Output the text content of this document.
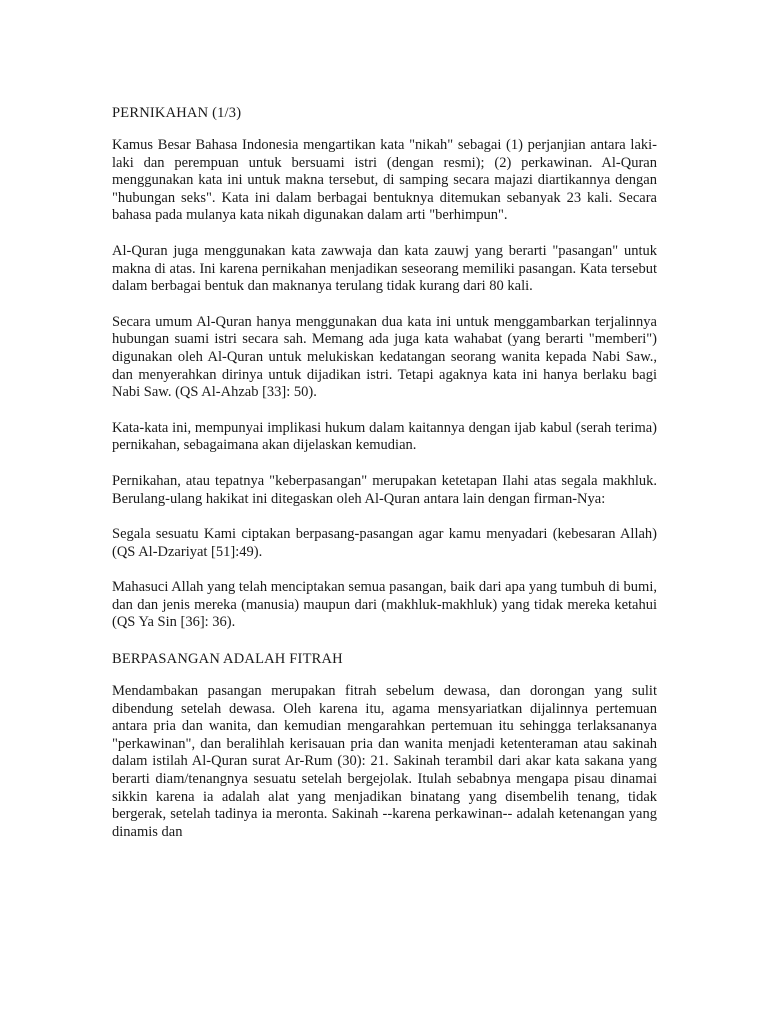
PERNIKAHAN (1/3)

Kamus Besar Bahasa Indonesia mengartikan kata "nikah" sebagai (1) perjanjian antara laki-laki dan perempuan untuk bersuami istri (dengan resmi); (2) perkawinan. Al-Quran menggunakan kata ini untuk makna tersebut, di samping secara majazi diartikannya dengan "hubungan seks". Kata ini dalam berbagai bentuknya ditemukan sebanyak 23 kali. Secara bahasa pada mulanya kata nikah digunakan dalam arti "berhimpun".

Al-Quran juga menggunakan kata zawwaja dan kata zauwj yang berarti "pasangan" untuk makna di atas. Ini karena pernikahan menjadikan seseorang memiliki pasangan. Kata tersebut dalam berbagai bentuk dan maknanya terulang tidak kurang dari 80 kali.

Secara umum Al-Quran hanya menggunakan dua kata ini untuk menggambarkan terjalinnya hubungan suami istri secara sah. Memang ada juga kata wahabat (yang berarti "memberi") digunakan oleh Al-Quran untuk melukiskan kedatangan seorang wanita kepada Nabi Saw., dan menyerahkan dirinya untuk dijadikan istri. Tetapi agaknya kata ini hanya berlaku bagi Nabi Saw. (QS Al-Ahzab [33]: 50).

Kata-kata ini, mempunyai implikasi hukum dalam kaitannya dengan ijab kabul (serah terima) pernikahan, sebagaimana akan dijelaskan kemudian.

Pernikahan, atau tepatnya "keberpasangan" merupakan ketetapan Ilahi atas segala makhluk. Berulang-ulang hakikat ini ditegaskan oleh Al-Quran antara lain dengan firman-Nya:

Segala sesuatu Kami ciptakan berpasang-pasangan agar kamu menyadari (kebesaran Allah) (QS Al-Dzariyat [51]:49).

Mahasuci Allah yang telah menciptakan semua pasangan, baik dari apa yang tumbuh di bumi, dan dan jenis mereka (manusia) maupun dari (makhluk-makhluk) yang tidak mereka ketahui (QS Ya Sin [36]: 36).

BERPASANGAN ADALAH FITRAH

Mendambakan pasangan merupakan fitrah sebelum dewasa, dan dorongan yang sulit dibendung setelah dewasa. Oleh karena itu, agama mensyariatkan dijalinnya pertemuan antara pria dan wanita, dan kemudian mengarahkan pertemuan itu sehingga terlaksananya "perkawinan", dan beralihlah kerisauan pria dan wanita menjadi ketenteraman atau sakinah dalam istilah Al-Quran surat Ar-Rum (30): 21. Sakinah terambil dari akar kata sakana yang berarti diam/tenangnya sesuatu setelah bergejolak. Itulah sebabnya mengapa pisau dinamai sikkin karena ia adalah alat yang menjadikan binatang yang disembelih tenang, tidak bergerak, setelah tadinya ia meronta. Sakinah --karena perkawinan-- adalah ketenangan yang dinamis dan
